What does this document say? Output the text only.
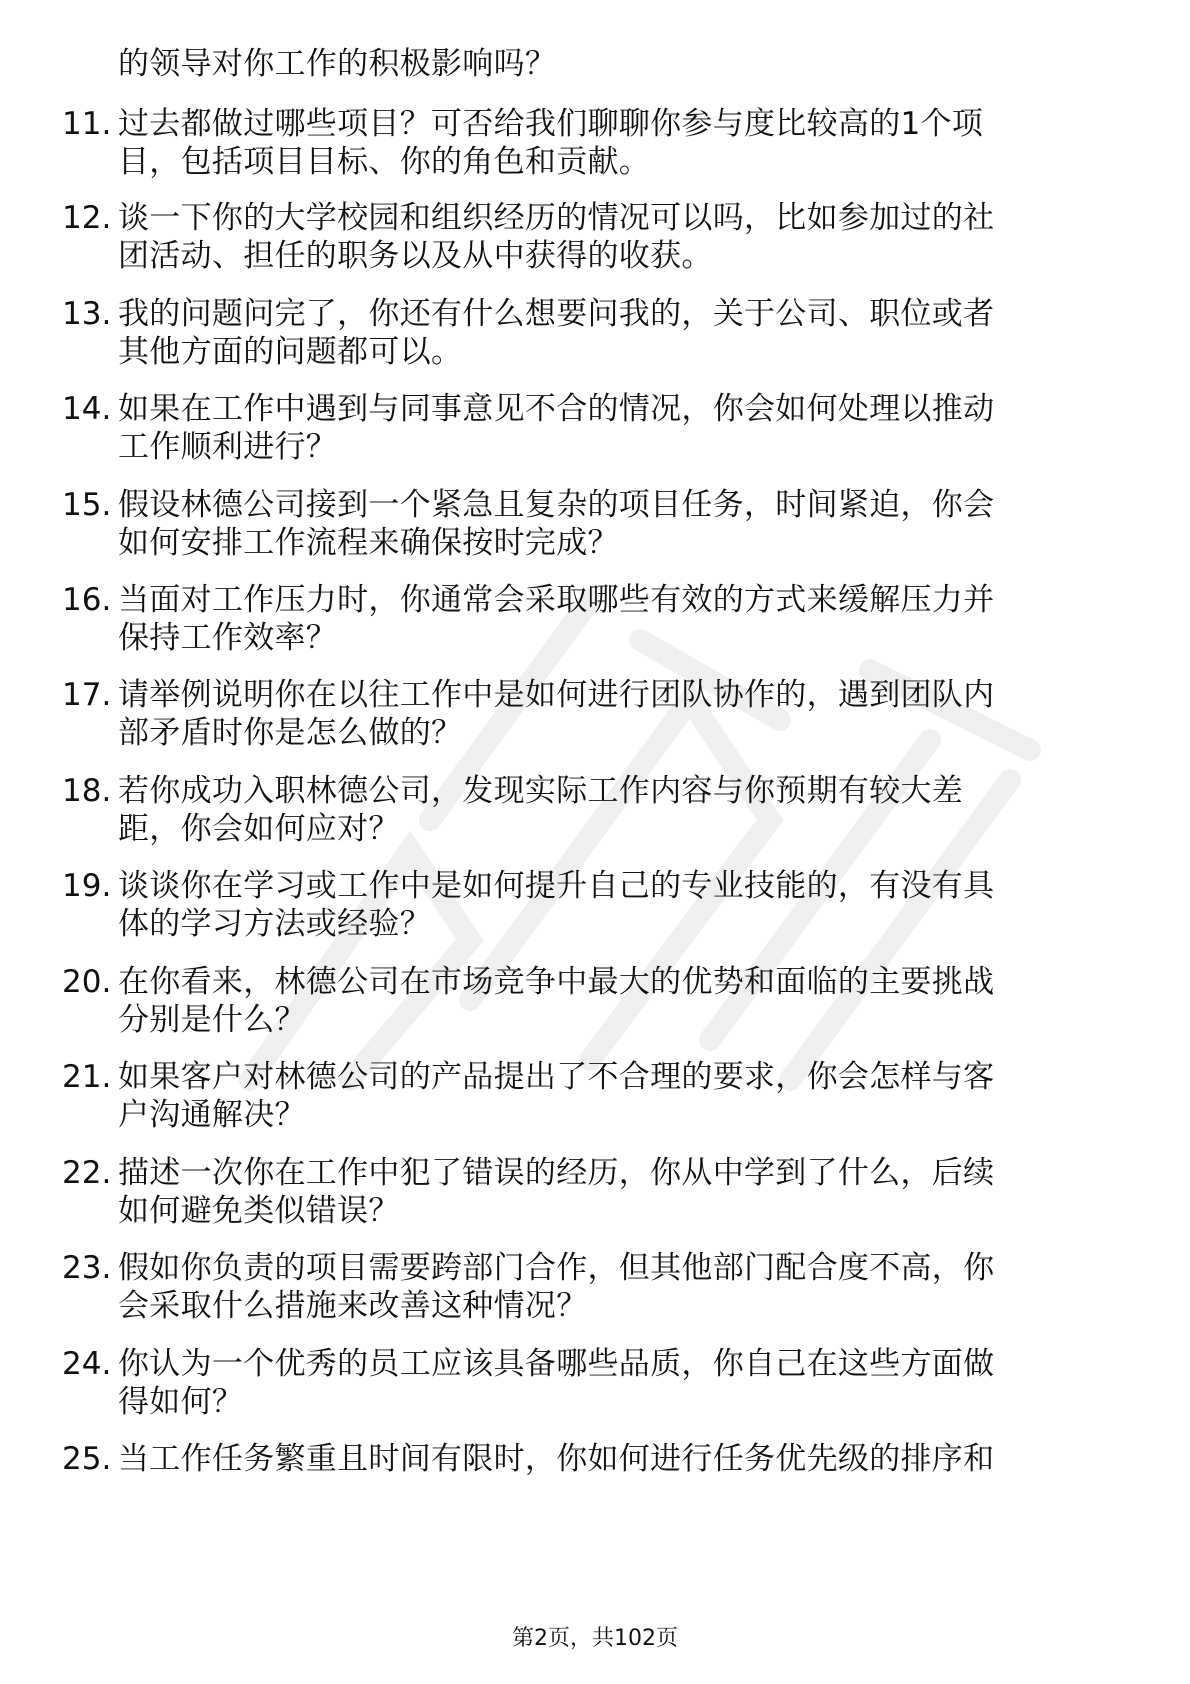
的领导对你工作的积极影响吗？
11. 过去都做过哪些项目？可否给我们聊聊你参与度比较高的1个项
目，包括项目目标、你的角色和贡献。
12. 谈一下你的大学校园和组织经历的情况可以吗，比如参加过的社
团活动、担任的职务以及从中获得的收获。
13. 我的问题问完了，你还有什么想要问我的，关于公司、职位或者
其他方面的问题都可以。
14. 如果在工作中遇到与同事意见不合的情况，你会如何处理以推动
工作顺利进行？
15. 假设林德公司接到一个紧急且复杂的项目任务，时间紧迫，你会
如何安排工作流程来确保按时完成？
16. 当面对工作压力时，你通常会采取哪些有效的方式来缓解压力并
保持工作效率？
17. 请举例说明你在以往工作中是如何进行团队协作的，遇到团队内
部矛盾时你是怎么做的？
18. 若你成功入职林德公司，发现实际工作内容与你预期有较大差
距，你会如何应对？
19. 谈谈你在学习或工作中是如何提升自己的专业技能的，有没有具
体的学习方法或经验？
20. 在你看来，林德公司在市场竞争中最大的优势和面临的主要挑战
分别是什么？
21. 如果客户对林德公司的产品提出了不合理的要求，你会怎样与客
户沟通解决？
22. 描述一次你在工作中犯了错误的经历，你从中学到了什么，后续
如何避免类似错误？
23. 假如你负责的项目需要跨部门合作，但其他部门配合度不高，你
会采取什么措施来改善这种情况？
24. 你认为一个优秀的员工应该具备哪些品质，你自己在这些方面做
得如何？
25. 当工作任务繁重且时间有限时，你如何进行任务优先级的排序和
第2页，共102页
